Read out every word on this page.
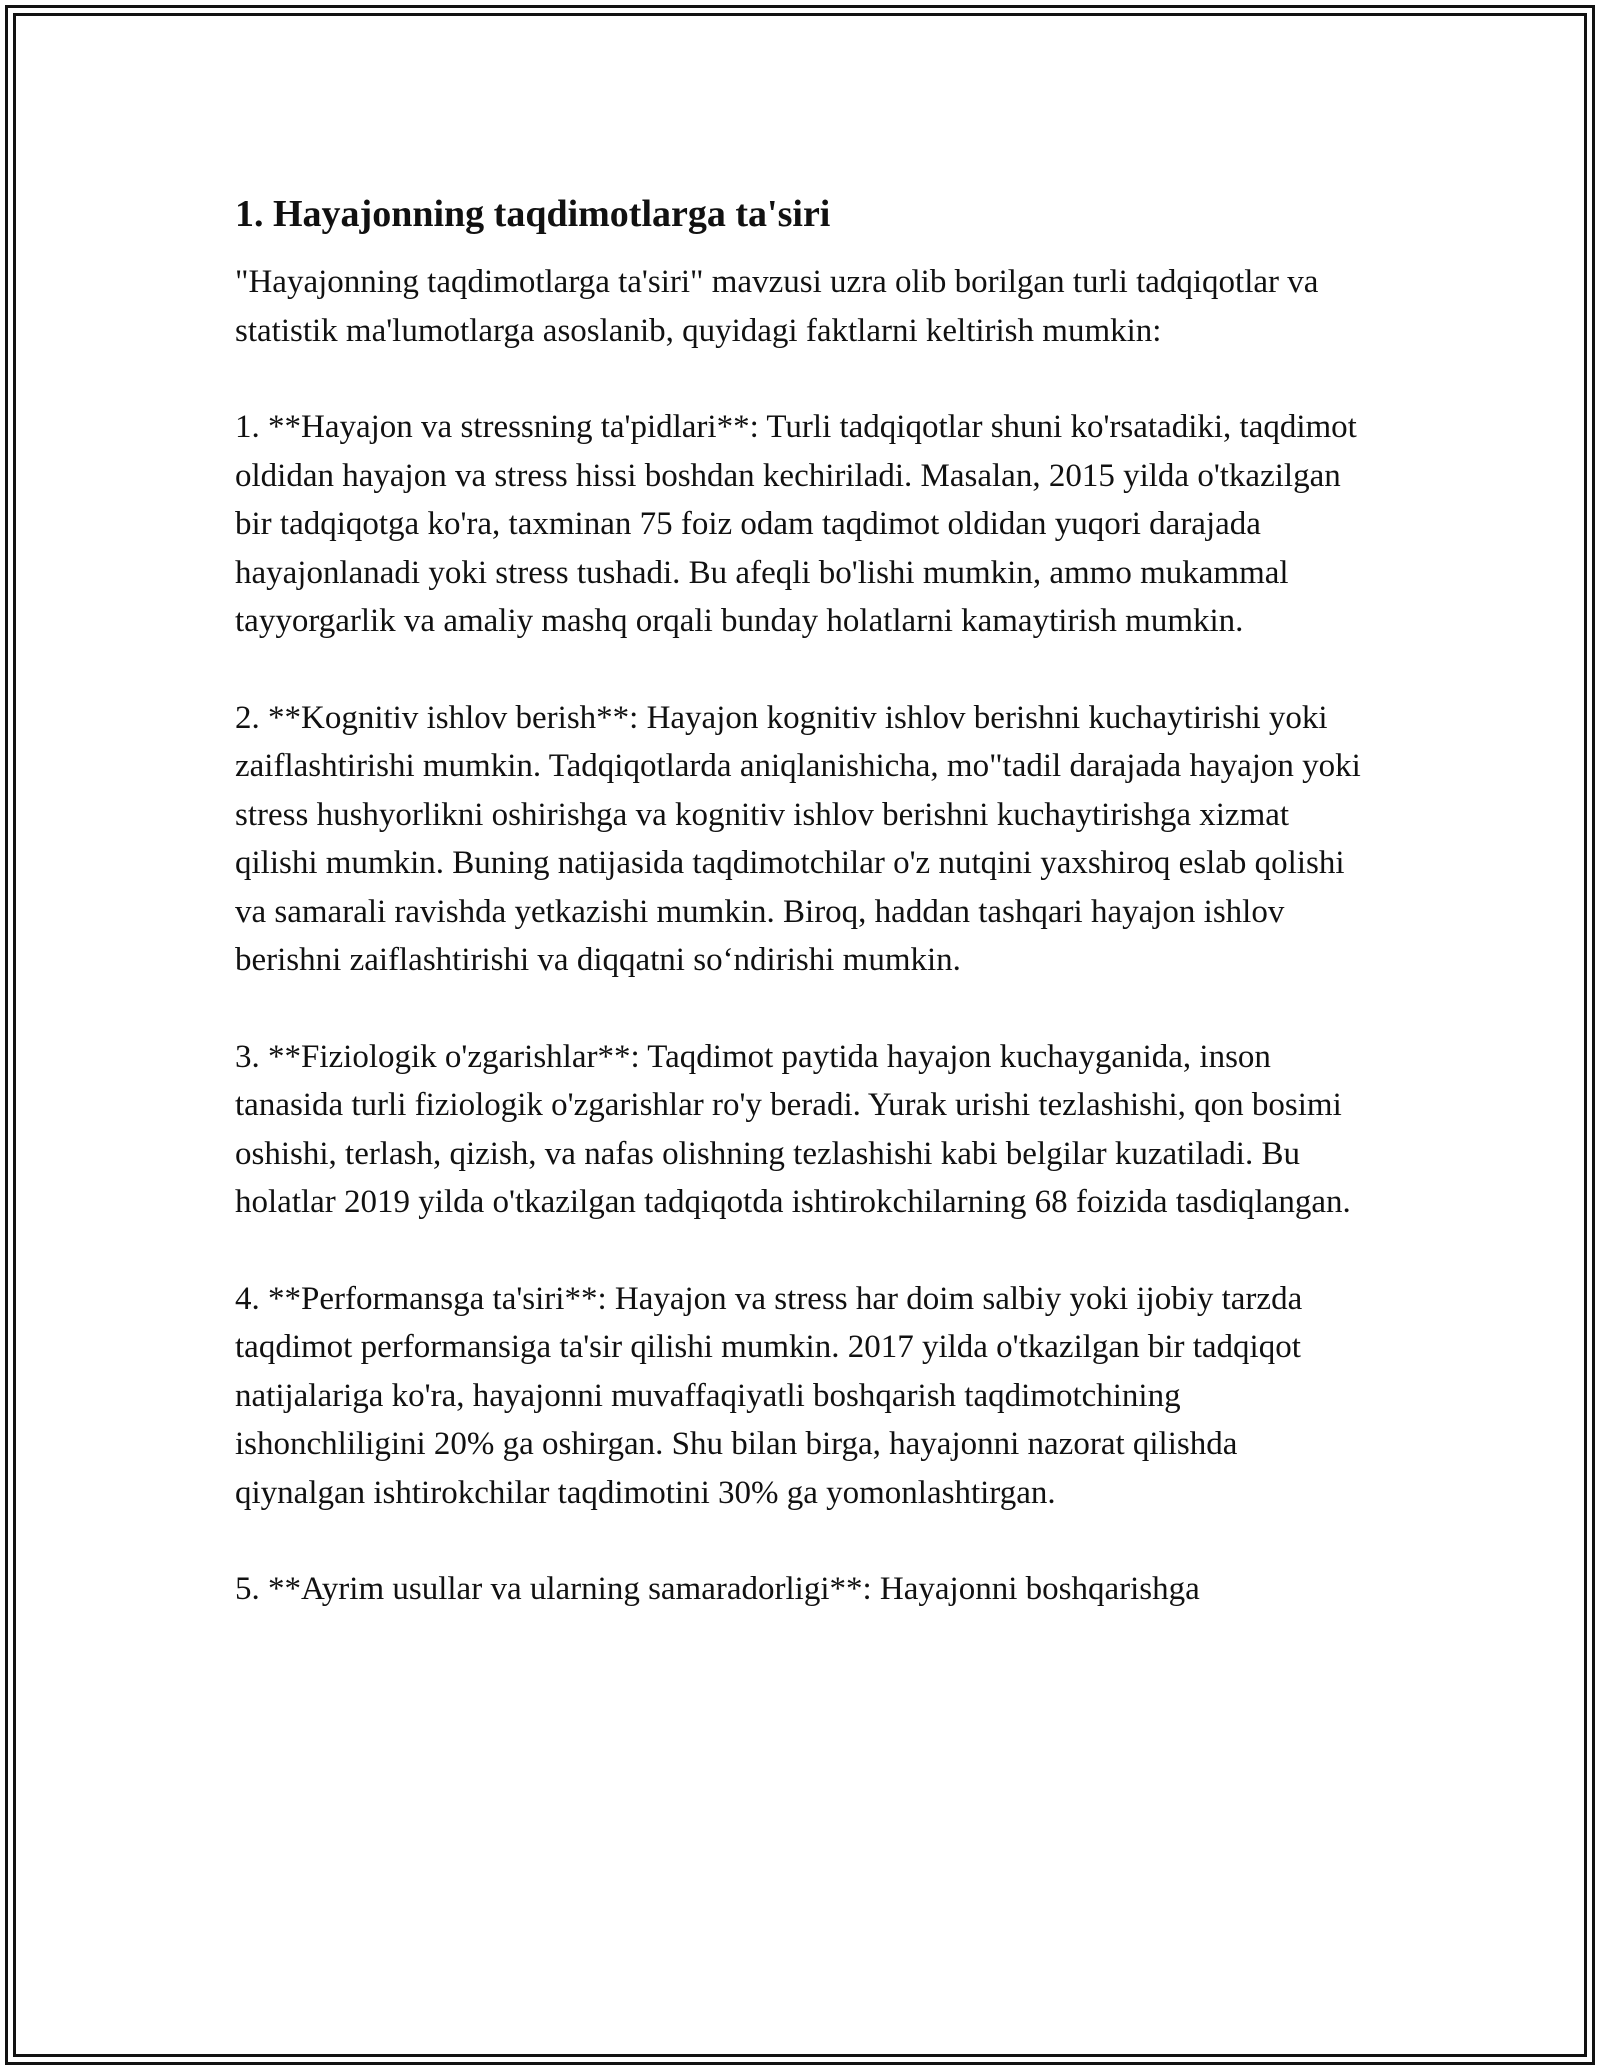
1. Hayajonning taqdimotlarga ta'siri

"Hayajonning taqdimotlarga ta'siri" mavzusi uzra olib borilgan turli tadqiqotlar va statistik ma'lumotlarga asoslanib, quyidagi faktlarni keltirish mumkin:

1. **Hayajon va stressning ta'pidlari**: Turli tadqiqotlar shuni ko'rsatadiki, taqdimot oldidan hayajon va stress hissi boshdan kechiriladi. Masalan, 2015 yilda o'tkazilgan bir tadqiqotga ko'ra, taxminan 75 foiz odam taqdimot oldidan yuqori darajada hayajonlanadi yoki stress tushadi. Bu afeqli bo'lishi mumkin, ammo mukammal tayyorgarlik va amaliy mashq orqali bunday holatlarni kamaytirish mumkin.

2. **Kognitiv ishlov berish**: Hayajon kognitiv ishlov berishni kuchaytirishi yoki zaiflashtirishi mumkin. Tadqiqotlarda aniqlanishicha, mo"tadil darajada hayajon yoki stress hushyorlikni oshirishga va kognitiv ishlov berishni kuchaytirishga xizmat qilishi mumkin. Buning natijasida taqdimotchilar o'z nutqini yaxshiroq eslab qolishi va samarali ravishda yetkazishi mumkin. Biroq, haddan tashqari hayajon ishlov berishni zaiflashtirishi va diqqatni so‘ndirishi mumkin.

3. **Fiziologik o'zgarishlar**: Taqdimot paytida hayajon kuchayganida, inson tanasida turli fiziologik o'zgarishlar ro'y beradi. Yurak urishi tezlashishi, qon bosimi oshishi, terlash, qizish, va nafas olishning tezlashishi kabi belgilar kuzatiladi. Bu holatlar 2019 yilda o'tkazilgan tadqiqotda ishtirokchilarning 68 foizida tasdiqlangan.

4. **Performansga ta'siri**: Hayajon va stress har doim salbiy yoki ijobiy tarzda taqdimot performansiga ta'sir qilishi mumkin. 2017 yilda o'tkazilgan bir tadqiqot natijalariga ko'ra, hayajonni muvaffaqiyatli boshqarish taqdimotchining ishonchliligini 20% ga oshirgan. Shu bilan birga, hayajonni nazorat qilishda qiynalgan ishtirokchilar taqdimotini 30% ga yomonlashtirgan.

5. **Ayrim usullar va ularning samaradorligi**: Hayajonni boshqarishga
